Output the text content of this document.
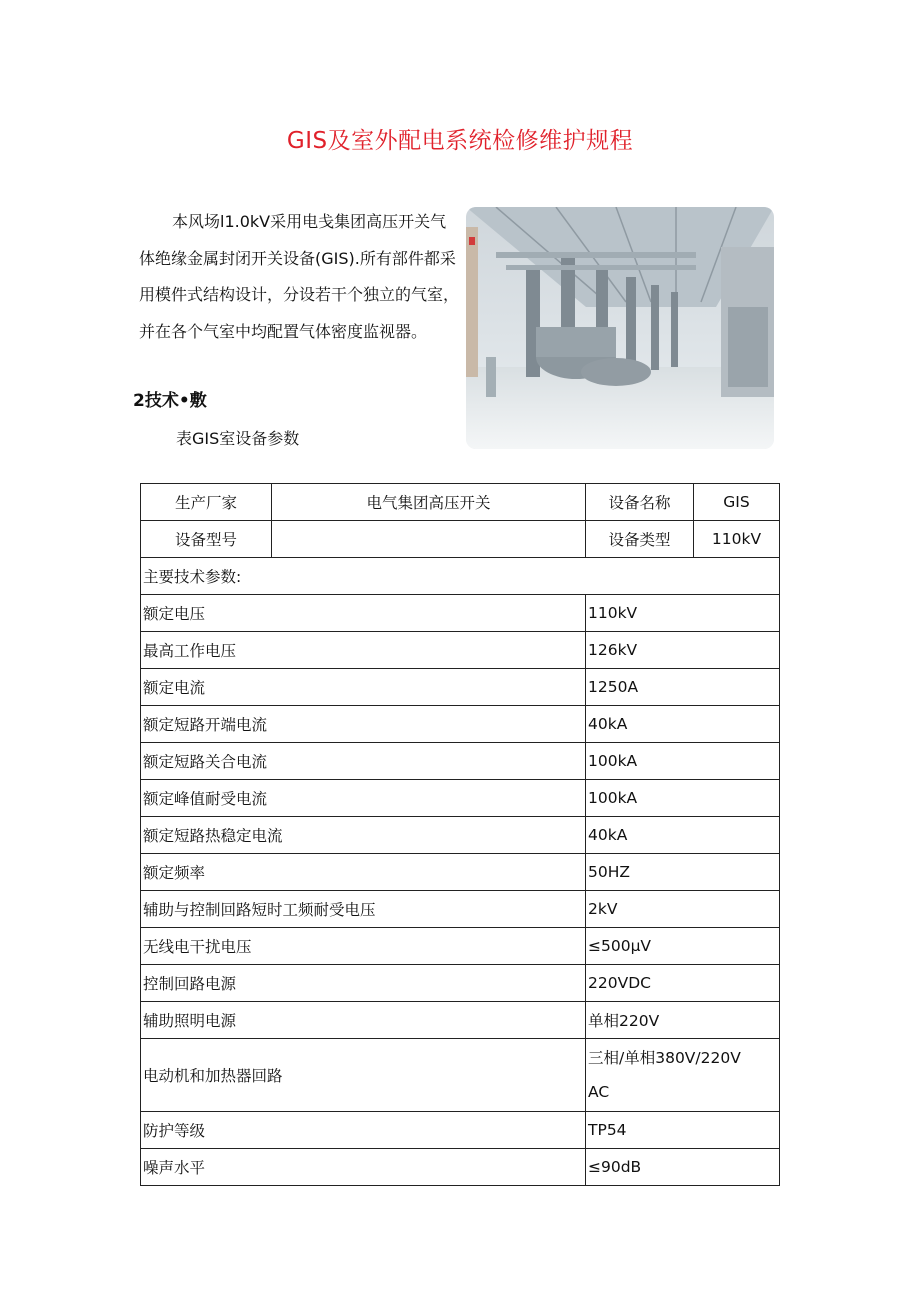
GIS及室外配电系统检修维护规程

本风场l1.0kV采用电戋集团高压开关气体绝缘金属封闭开关设备(GIS).所有部件都采用模件式结构设计，分设若干个独立的气室，并在各个气室中均配置气体密度监视器。

2技术•敷
表GIS室设备参数
生产厂家	电气集团高压开关	设备名称	GIS
设备型号		设备类型	110kV
主要技术参数:			
额定电压		110kV	
最高工作电压		126kV	
额定电流		1250A	
额定短路开端电流		40kA	
额定短路关合电流		100kA	
额定峰值耐受电流		100kA	
额定短路热稳定电流		40kA	
额定频率		50HZ	
辅助与控制回路短时工频耐受电压		2kV	
无线电干扰电压		≤500μV	
控制回路电源		220VDC	
辅助照明电源		单相220V	
电动机和加热器回路		三相/单相380V/220V
AC	

防护等级		TP54	
噪声水平		≤90dB	
